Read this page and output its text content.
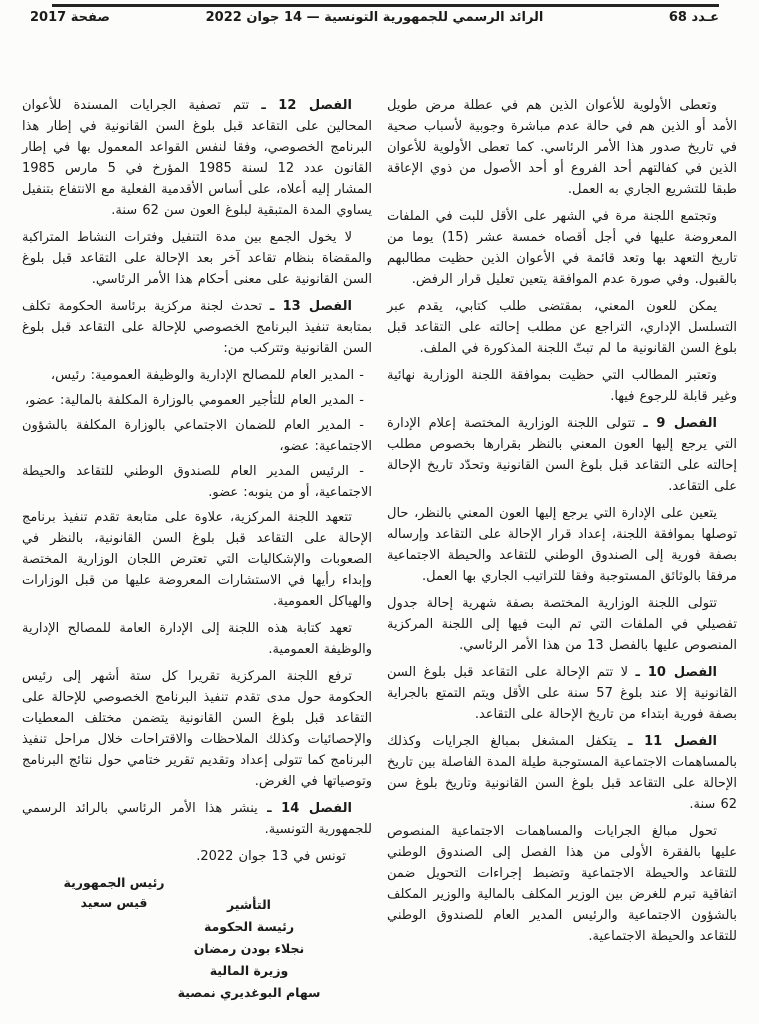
عـدد 68
الرائد الرسمي للجمهورية التونسية — 14 جوان 2022
صفحة 2017

وتعطى الأولوية للأعوان الذين هم في عطلة مرض طويل الأمد أو الذين هم في حالة عدم مباشرة وجوبية لأسباب صحية في تاريخ صدور هذا الأمر الرئاسي. كما تعطى الأولوية للأعوان الذين في كفالتهم أحد الفروع أو أحد الأصول من ذوي الإعاقة طبقا للتشريع الجاري به العمل.

وتجتمع اللجنة مرة في الشهر على الأقل للبت في الملفات المعروضة عليها في أجل أقصاه خمسة عشر (15) يوما من تاريخ التعهد بها وتعد قائمة في الأعوان الذين حظيت مطالبهم بالقبول. وفي صورة عدم الموافقة يتعين تعليل قرار الرفض.

يمكن للعون المعني، بمقتضى طلب كتابي، يقدم عبر التسلسل الإداري، التراجع عن مطلب إحالته على التقاعد قبل بلوغ السن القانونية ما لم تبتّ اللجنة المذكورة في الملف.

وتعتبر المطالب التي حظيت بموافقة اللجنة الوزارية نهائية وغير قابلة للرجوع فيها.

الفصل 9 ـ تتولى اللجنة الوزارية المختصة إعلام الإدارة التي يرجع إليها العون المعني بالنظر بقرارها بخصوص مطلب إحالته على التقاعد قبل بلوغ السن القانونية وتحدّد تاريخ الإحالة على التقاعد.

يتعين على الإدارة التي يرجع إليها العون المعني بالنظر، حال توصلها بموافقة اللجنة، إعداد قرار الإحالة على التقاعد وإرساله بصفة فورية إلى الصندوق الوطني للتقاعد والحيطة الاجتماعية مرفقا بالوثائق المستوجبة وفقا للتراتيب الجاري بها العمل.

تتولى اللجنة الوزارية المختصة بصفة شهرية إحالة جدول تفصيلي في الملفات التي تم البت فيها إلى اللجنة المركزية المنصوص عليها بالفصل 13 من هذا الأمر الرئاسي.

الفصل 10 ـ لا تتم الإحالة على التقاعد قبل بلوغ السن القانونية إلا عند بلوغ 57 سنة على الأقل ويتم التمتع بالجراية بصفة فورية ابتداء من تاريخ الإحالة على التقاعد.

الفصل 11 ـ يتكفل المشغل بمبالغ الجرايات وكذلك بالمساهمات الاجتماعية المستوجبة طيلة المدة الفاصلة بين تاريخ الإحالة على التقاعد قبل بلوغ السن القانونية وتاريخ بلوغ سن 62 سنة.

تحول مبالغ الجرايات والمساهمات الاجتماعية المنصوص عليها بالفقرة الأولى من هذا الفصل إلى الصندوق الوطني للتقاعد والحيطة الاجتماعية وتضبط إجراءات التحويل ضمن اتفاقية تبرم للغرض بين الوزير المكلف بالمالية والوزير المكلف بالشؤون الاجتماعية والرئيس المدير العام للصندوق الوطني للتقاعد والحيطة الاجتماعية.

الفصل 12 ـ تتم تصفية الجرايات المسندة للأعوان المحالين على التقاعد قبل بلوغ السن القانونية في إطار هذا البرنامج الخصوصي، وفقا لنفس القواعد المعمول بها في إطار القانون عدد 12 لسنة 1985 المؤرخ في 5 مارس 1985 المشار إليه أعلاه، على أساس الأقدمية الفعلية مع الانتفاع بتنفيل يساوي المدة المتبقية لبلوغ العون سن 62 سنة.

لا يخول الجمع بين مدة التنفيل وفترات النشاط المتراكبة والمقضاة بنظام تقاعد آخر بعد الإحالة على التقاعد قبل بلوغ السن القانونية على معنى أحكام هذا الأمر الرئاسي.

الفصل 13 ـ تحدث لجنة مركزية برئاسة الحكومة تكلف بمتابعة تنفيذ البرنامج الخصوصي للإحالة على التقاعد قبل بلوغ السن القانونية وتتركب من:

- المدير العام للمصالح الإدارية والوظيفة العمومية: رئيس،

- المدير العام للتأجير العمومي بالوزارة المكلفة بالمالية: عضو،

- المدير العام للضمان الاجتماعي بالوزارة المكلفة بالشؤون الاجتماعية: عضو،

- الرئيس المدير العام للصندوق الوطني للتقاعد والحيطة الاجتماعية، أو من ينوبه: عضو.

تتعهد اللجنة المركزية، علاوة على متابعة تقدم تنفيذ برنامج الإحالة على التقاعد قبل بلوغ السن القانونية، بالنظر في الصعوبات والإشكاليات التي تعترض اللجان الوزارية المختصة وإبداء رأيها في الاستشارات المعروضة عليها من قبل الوزارات والهياكل العمومية.

تعهد كتابة هذه اللجنة إلى الإدارة العامة للمصالح الإدارية والوظيفة العمومية.

ترفع اللجنة المركزية تقريرا كل ستة أشهر إلى رئيس الحكومة حول مدى تقدم تنفيذ البرنامج الخصوصي للإحالة على التقاعد قبل بلوغ السن القانونية يتضمن مختلف المعطيات والإحصائيات وكذلك الملاحظات والاقتراحات خلال مراحل تنفيذ البرنامج كما تتولى إعداد وتقديم تقرير ختامي حول نتائج البرنامج وتوصياتها في الغرض.

الفصل 14 ـ ينشر هذا الأمر الرئاسي بالرائد الرسمي للجمهورية التونسية.

تونس في 13 جوان 2022.

رئيس الجمهورية
قيس سعيد	التأشير
رئيسة الحكومة
نجلاء بودن رمضان
وزيرة المالية
سهام البوغديري نمصية
